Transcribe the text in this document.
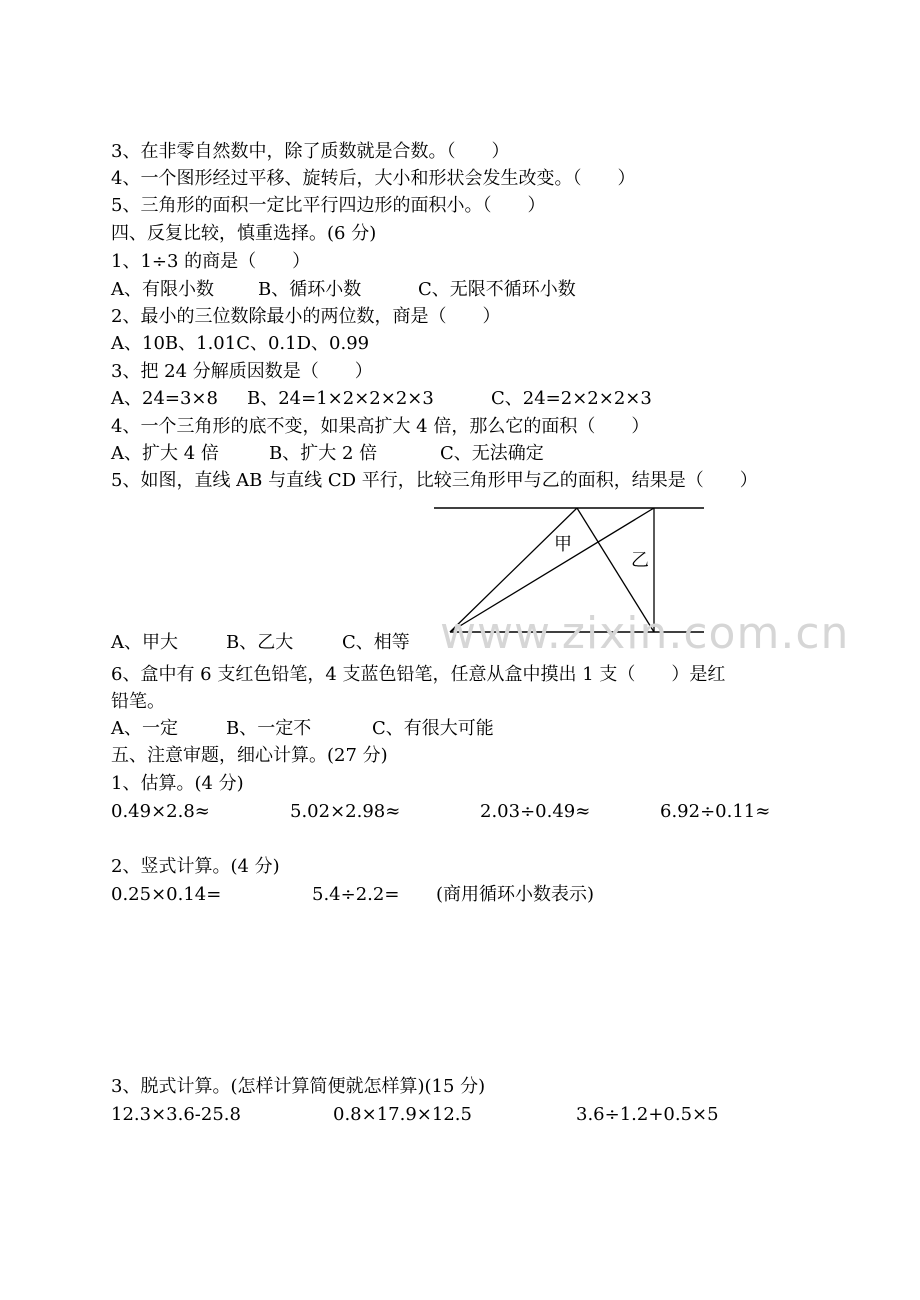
3、在非零自然数中，除了质数就是合数。（　　）
4、一个图形经过平移、旋转后，大小和形状会发生改变。（　　）
5、三角形的面积一定比平行四边形的面积小。（　　）
四、反复比较，慎重选择。(6 分)
1、1÷3 的商是（　　）
A、有限小数 B、循环小数	C、无限不循环小数
2、最小的三位数除最小的两位数，商是（　　）
A、10B、1.01C、0.1D、0.99
3、把 24 分解质因数是（　　）
A、24=3×8 B、24=1×2×2×2×3	C、24=2×2×2×3
4、一个三角形的底不变，如果高扩大 4 倍，那么它的面积（　　）
A、扩大 4 倍	B、扩大 2 倍	C、无法确定
5、如图，直线 AB 与直线 CD 平行，比较三角形甲与乙的面积，结果是（　　）
甲
乙
www.zixin.com.cn
A、甲大	B、乙大	C、相等
6、盒中有 6 支红色铅笔，4 支蓝色铅笔，任意从盒中摸出 1 支（　　）是红
铅笔。
A、一定	B、一定不	C、有很大可能
五、注意审题，细心计算。(27 分)
1、估算。(4 分)
0.49×2.8≈	5.02×2.98≈	2.03÷0.49≈	6.92÷0.11≈
2、竖式计算。(4 分)
0.25×0.14=	5.4÷2.2= (商用循环小数表示)
3、脱式计算。(怎样计算简便就怎样算)(15 分)
12.3×3.6-25.8	0.8×17.9×12.5	3.6÷1.2+0.5×5
